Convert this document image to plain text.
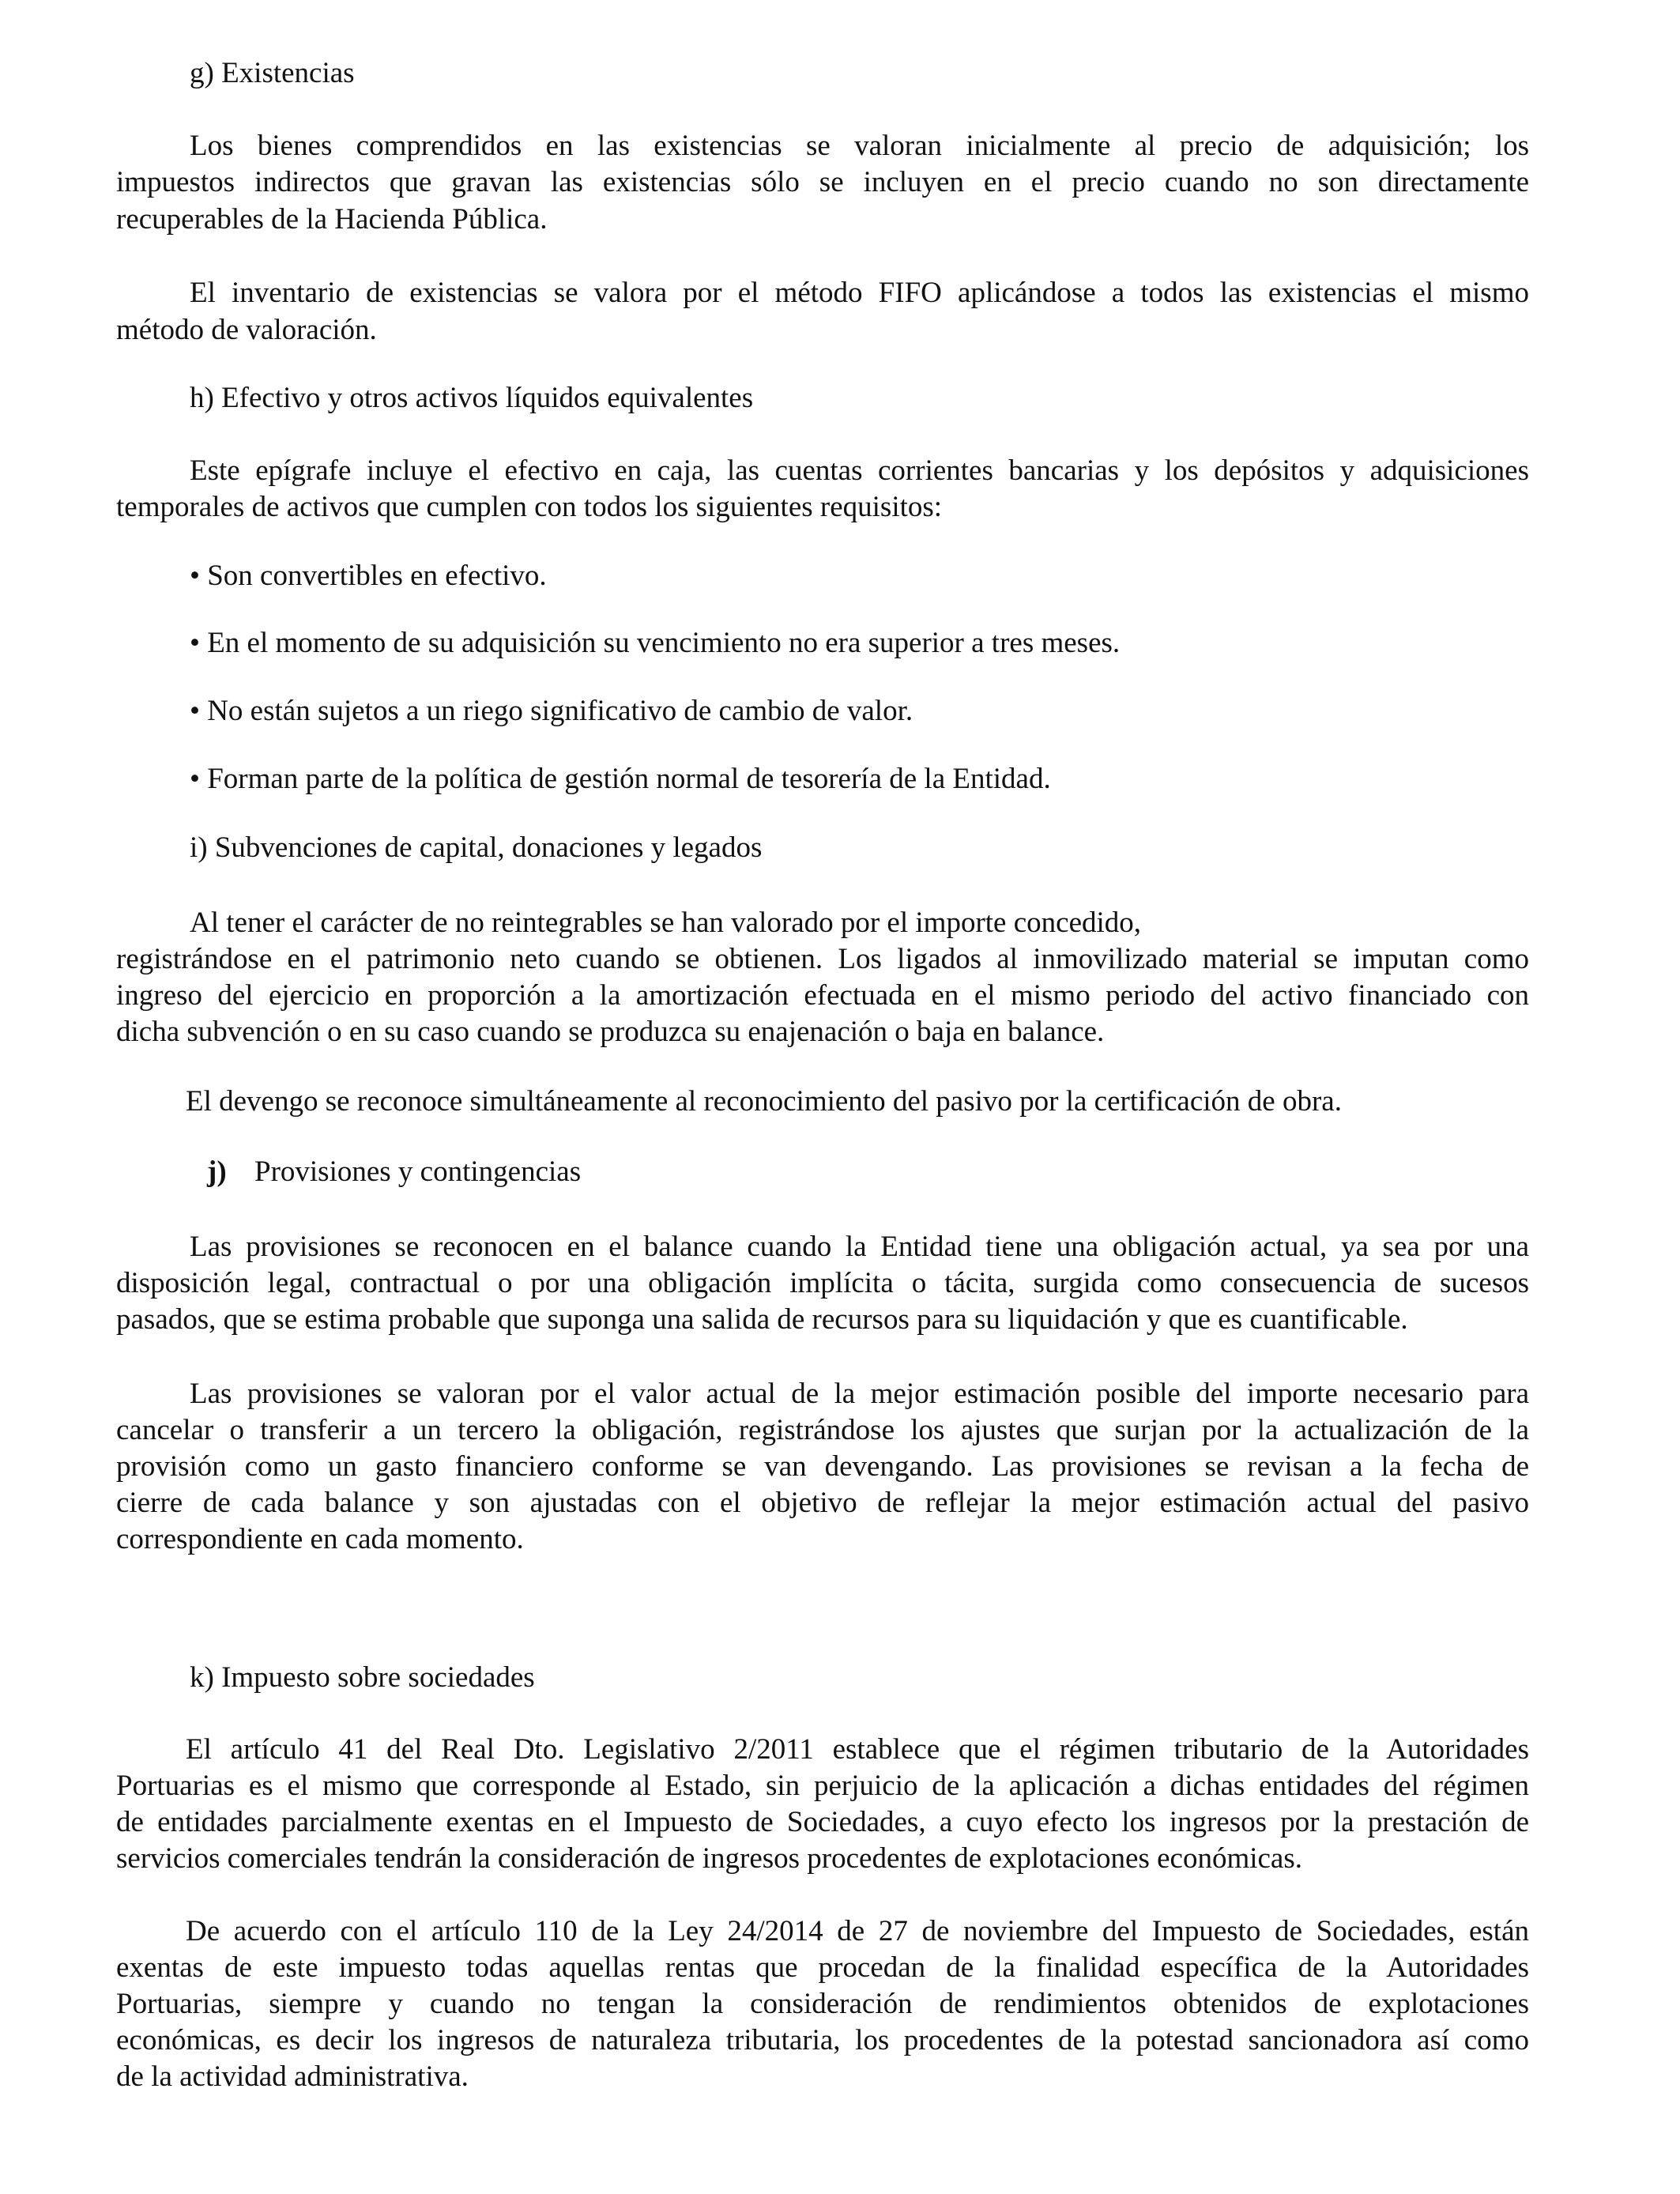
g) Existencias
Los bienes comprendidos en las existencias se valoran inicialmente al precio de adquisición; los
impuestos indirectos que gravan las existencias sólo se incluyen en el precio cuando no son directamente
recuperables de la Hacienda Pública.
El inventario de existencias se valora por el método FIFO aplicándose a todos las existencias el mismo
método de valoración.
h) Efectivo y otros activos líquidos equivalentes
Este epígrafe incluye el efectivo en caja, las cuentas corrientes bancarias y los depósitos y adquisiciones
temporales de activos que cumplen con todos los siguientes requisitos:
• Son convertibles en efectivo.
• En el momento de su adquisición su vencimiento no era superior a tres meses.
• No están sujetos a un riego significativo de cambio de valor.
• Forman parte de la política de gestión normal de tesorería de la Entidad.
i) Subvenciones de capital, donaciones y legados
Al tener el carácter de no reintegrables se han valorado por el importe concedido,
registrándose en el patrimonio neto cuando se obtienen. Los ligados al inmovilizado material se imputan como
ingreso del ejercicio en proporción a la amortización efectuada en el mismo periodo del activo financiado con
dicha subvención o en su caso cuando se produzca su enajenación o baja en balance.
El devengo se reconoce simultáneamente al reconocimiento del pasivo por la certificación de obra.
j) Provisiones y contingencias
Las provisiones se reconocen en el balance cuando la Entidad tiene una obligación actual, ya sea por una
disposición legal, contractual o por una obligación implícita o tácita, surgida como consecuencia de sucesos
pasados, que se estima probable que suponga una salida de recursos para su liquidación y que es cuantificable.
Las provisiones se valoran por el valor actual de la mejor estimación posible del importe necesario para
cancelar o transferir a un tercero la obligación, registrándose los ajustes que surjan por la actualización de la
provisión como un gasto financiero conforme se van devengando. Las provisiones se revisan a la fecha de
cierre de cada balance y son ajustadas con el objetivo de reflejar la mejor estimación actual del pasivo
correspondiente en cada momento.
k) Impuesto sobre sociedades
El artículo 41 del Real Dto. Legislativo 2/2011 establece que el régimen tributario de la Autoridades
Portuarias es el mismo que corresponde al Estado, sin perjuicio de la aplicación a dichas entidades del régimen
de entidades parcialmente exentas en el Impuesto de Sociedades, a cuyo efecto los ingresos por la prestación de
servicios comerciales tendrán la consideración de ingresos procedentes de explotaciones económicas.
De acuerdo con el artículo 110 de la Ley 24/2014 de 27 de noviembre del Impuesto de Sociedades, están
exentas de este impuesto todas aquellas rentas que procedan de la finalidad específica de la Autoridades
Portuarias, siempre y cuando no tengan la consideración de rendimientos obtenidos de explotaciones
económicas, es decir los ingresos de naturaleza tributaria, los procedentes de la potestad sancionadora así como
de la actividad administrativa.
